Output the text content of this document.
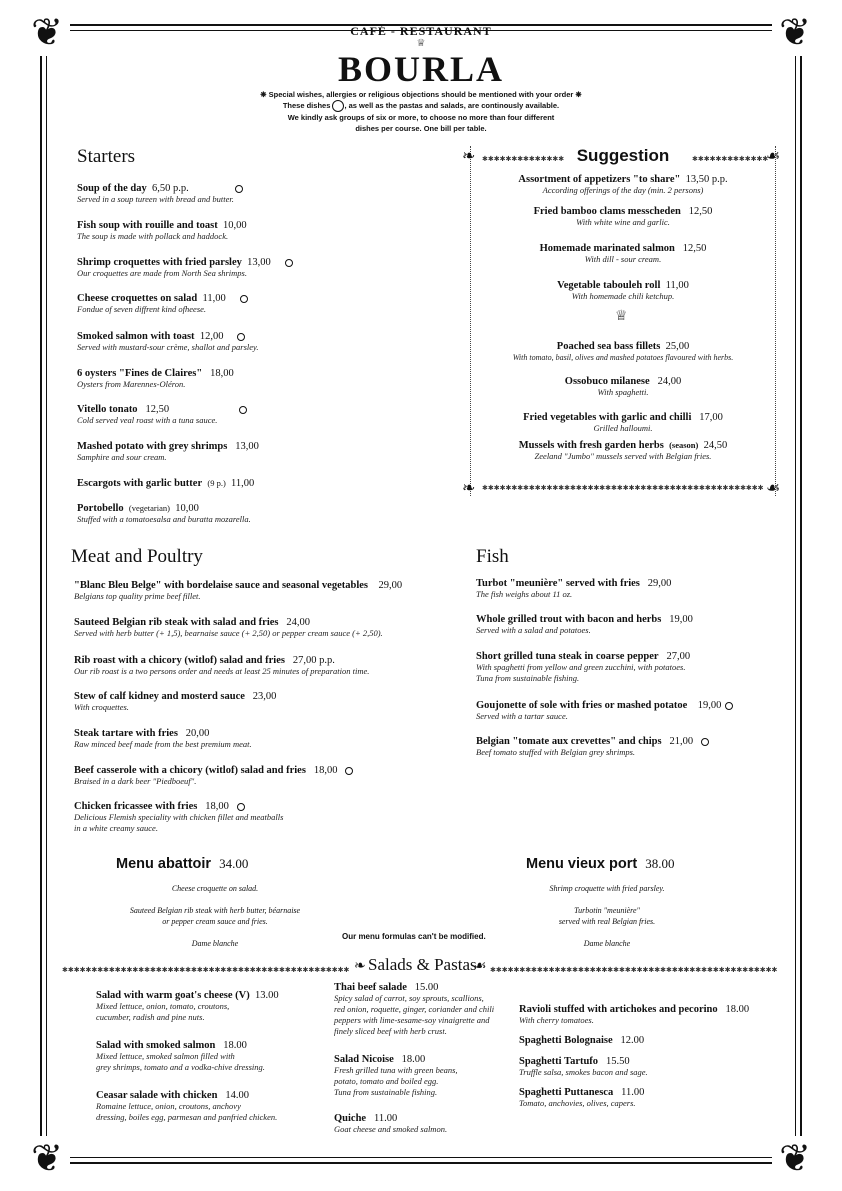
❦	❦
❦	❦
CAFÉ - RESTAURANT
♕
BOURLA
❋ Special wishes, allergies or religious objections should be mentioned with your order ❋
These dishes , as well as the pastas and salads, are continously available.
We kindly ask groups of six or more, to choose no more than four different
dishes per course. One bill per table.
Starters
Soup of the day 6,50 p.p.
Served in a soup tureen with bread and butter.
Fish soup with rouille and toast 10,00
The soup is made with pollack and haddock.
Shrimp croquettes with fried parsley 13,00
Our croquettes are made from North Sea shrimps.
Cheese croquettes on salad 11,00
Fondue of seven diffrent kind ofheese.
Smoked salmon with toast 12,00
Served with mustard-sour crème, shallot and parsley.
6 oysters "Fines de Claires" 18,00
Oysters from Marennes-Oléron.
Vitello tonato 12,50
Cold served veal roast with a tuna sauce.
Mashed potato with grey shrimps 13,00
Samphire and sour cream.
Escargots with garlic butter (9 p.) 11,00
Portobello (vegetarian) 10,00
Stuffed with a tomatoesalsa and buratta mozarella.
✱✱✱✱✱✱✱✱✱✱✱✱✱✱	✱✱✱✱✱✱✱✱✱✱✱✱✱
✱✱✱✱✱✱✱✱✱✱✱✱✱✱✱✱✱✱✱✱✱✱✱✱✱✱✱✱✱✱✱✱✱✱✱✱✱✱✱✱✱✱✱✱✱✱✱✱
❧	☙
❧	☙
Suggestion
Assortment of appetizers "to share" 13,50 p.p.
According offerings of the day (min. 2 persons)
Fried bamboo clams messcheden 12,50
With white wine and garlic.
Homemade marinated salmon 12,50
With dill - sour cream.
Vegetable tabouleh roll 11,00
With homemade chili ketchup.
♕
Poached sea bass fillets 25,00
With tomato, basil, olives and mashed potatoes flavoured with herbs.
Ossobuco milanese 24,00
With spaghetti.
Fried vegetables with garlic and chilli 17,00
Grilled halloumi.
Mussels with fresh garden herbs (season) 24,50
Zeeland "Jumbo" mussels served with Belgian fries.
Meat and Poultry
"Blanc Bleu Belge" with bordelaise sauce and seasonal vegetables 29,00
Belgians top quality prime beef fillet.
Sauteed Belgian rib steak with salad and fries 24,00
Served with herb butter (+ 1,5), bearnaise sauce (+ 2,50) or pepper cream sauce (+ 2,50).
Rib roast with a chicory (witlof) salad and fries 27,00 p.p.
Our rib roast is a two persons order and needs at least 25 minutes of preparation time.
Stew of calf kidney and mosterd sauce 23,00
With croquettes.
Steak tartare with fries 20,00
Raw minced beef made from the best premium meat.
Beef casserole with a chicory (witlof) salad and fries 18,00
Braised in a dark beer "Piedboeuf".
Chicken fricassee with fries 18,00
Delicious Flemish speciality with chicken fillet and meatballs
in a white creamy sauce.
Fish
Turbot "meunière" served with fries 29,00
The fish weighs about 11 oz.
Whole grilled trout with bacon and herbs 19,00
Served with a salad and potatoes.
Short grilled tuna steak in coarse pepper 27,00
With spaghetti from yellow and green zucchini, with potatoes.
Tuna from sustainable fishing.
Goujonette of sole with fries or mashed potatoe 19,00
Served with a tartar sauce.
Belgian "tomate aux crevettes" and chips 21,00
Beef tomato stuffed with Belgian grey shrimps.
Menu abattoir 34.00
Cheese croquette on salad.
Sauteed Belgian rib steak with herb butter, béarnaise
or pepper cream sauce and fries.
Dame blanche
Menu vieux port 38.00
Shrimp croquette with fried parsley.
Turbotin "meunière"
served with real Belgian fries.
Dame blanche
Our menu formulas can't be modified.
✱✱✱✱✱✱✱✱✱✱✱✱✱✱✱✱✱✱✱✱✱✱✱✱✱✱✱✱✱✱✱✱✱✱✱✱✱✱✱✱✱✱✱✱✱✱✱✱✱	✱✱✱✱✱✱✱✱✱✱✱✱✱✱✱✱✱✱✱✱✱✱✱✱✱✱✱✱✱✱✱✱✱✱✱✱✱✱✱✱✱✱✱✱✱✱✱✱✱
❧	☙
Salads & Pastas
Salad with warm goat's cheese (V) 13.00
Mixed lettuce, onion, tomato, croutons,
cucumber, radish and pine nuts.
Salad with smoked salmon 18.00
Mixed lettuce, smoked salmon filled with
grey shrimps, tomato and a vodka-chive dressing.
Ceasar salade with chicken 14.00
Romaine lettuce, onion, croutons, anchovy
dressing, boiles egg, parmesan and panfried chicken.
Thai beef salade 15.00
Spicy salad of carrot, soy sprouts, scallions,
red onion, roquette, ginger, coriander and chili
peppers with lime-sesame-soy vinaigrette and
finely sliced beef with herb crust.
Salad Nicoise 18.00
Fresh grilled tuna with green beans,
potato, tomato and boiled egg.
Tuna from sustainable fishing.
Quiche 11.00
Goat cheese and smoked salmon.
Ravioli stuffed with artichokes and pecorino 18.00
With cherry tomatoes.
Spaghetti Bolognaise 12.00
Spaghetti Tartufo 15.50
Truffle salsa, smokes bacon and sage.
Spaghetti Puttanesca 11.00
Tomato, anchovies, olives, capers.
